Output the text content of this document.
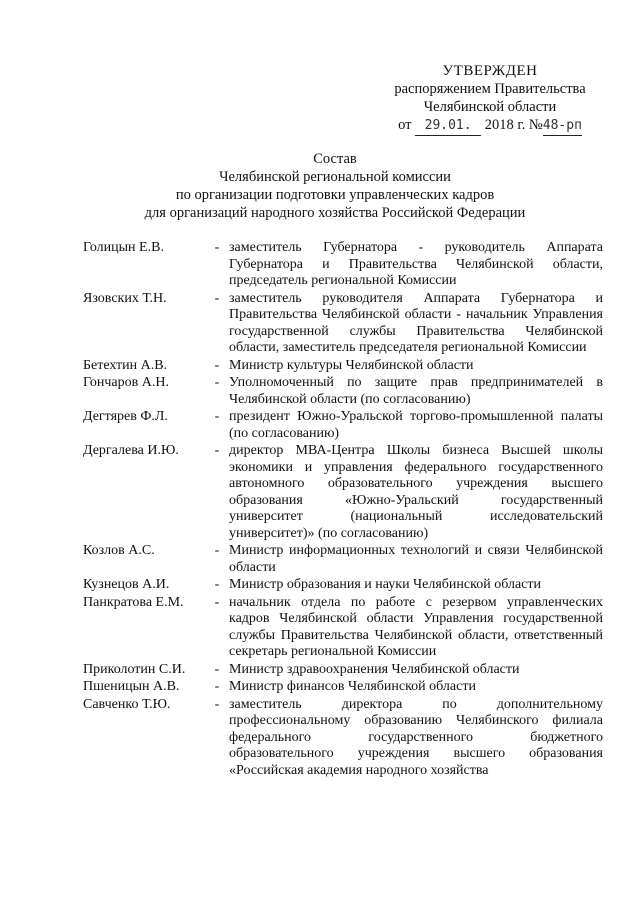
УТВЕРЖДЕН
распоряжением Правительства
Челябинской области
от 29.01. 2018 г. №48-рп
Состав
Челябинской региональной комиссии
по организации подготовки управленческих кадров
для организаций народного хозяйства Российской Федерации
Голицын Е.В.	- заместитель Губернатора - руководитель Аппарата Губернатора и Правительства Челябинской области, председатель региональной Комиссии
Язовских Т.Н.	- заместитель руководителя Аппарата Губернатора и Правительства Челябинской области - начальник Управления государственной службы Правительства Челябинской области, заместитель председателя региональной Комиссии
Бетехтин А.В.	- Министр культуры Челябинской области
Гончаров А.Н.	- Уполномоченный по защите прав предпринимателей в Челябинской области (по согласованию)
Дегтярев Ф.Л.	- президент Южно-Уральской торгово-промышленной палаты (по согласованию)
Дергалева И.Ю.	- директор МВА-Центра Школы бизнеса Высшей школы экономики и управления федерального государственного автономного образовательного учреждения высшего образования «Южно-Уральский государственный университет (национальный исследовательский университет)» (по согласованию)
Козлов А.С.	- Министр информационных технологий и связи Челябинской области
Кузнецов А.И.	- Министр образования и науки Челябинской области
Панкратова Е.М.	- начальник отдела по работе с резервом управленческих кадров Челябинской области Управления государственной службы Правительства Челябинской области, ответственный секретарь региональной Комиссии
Приколотин С.И.	- Министр здравоохранения Челябинской области
Пшеницын А.В.	- Министр финансов Челябинской области
Савченко Т.Ю.	- заместитель директора по дополнительному профессиональному образованию Челябинского филиала федерального государственного бюджетного образовательного учреждения высшего образования «Российская академия народного хозяйства
